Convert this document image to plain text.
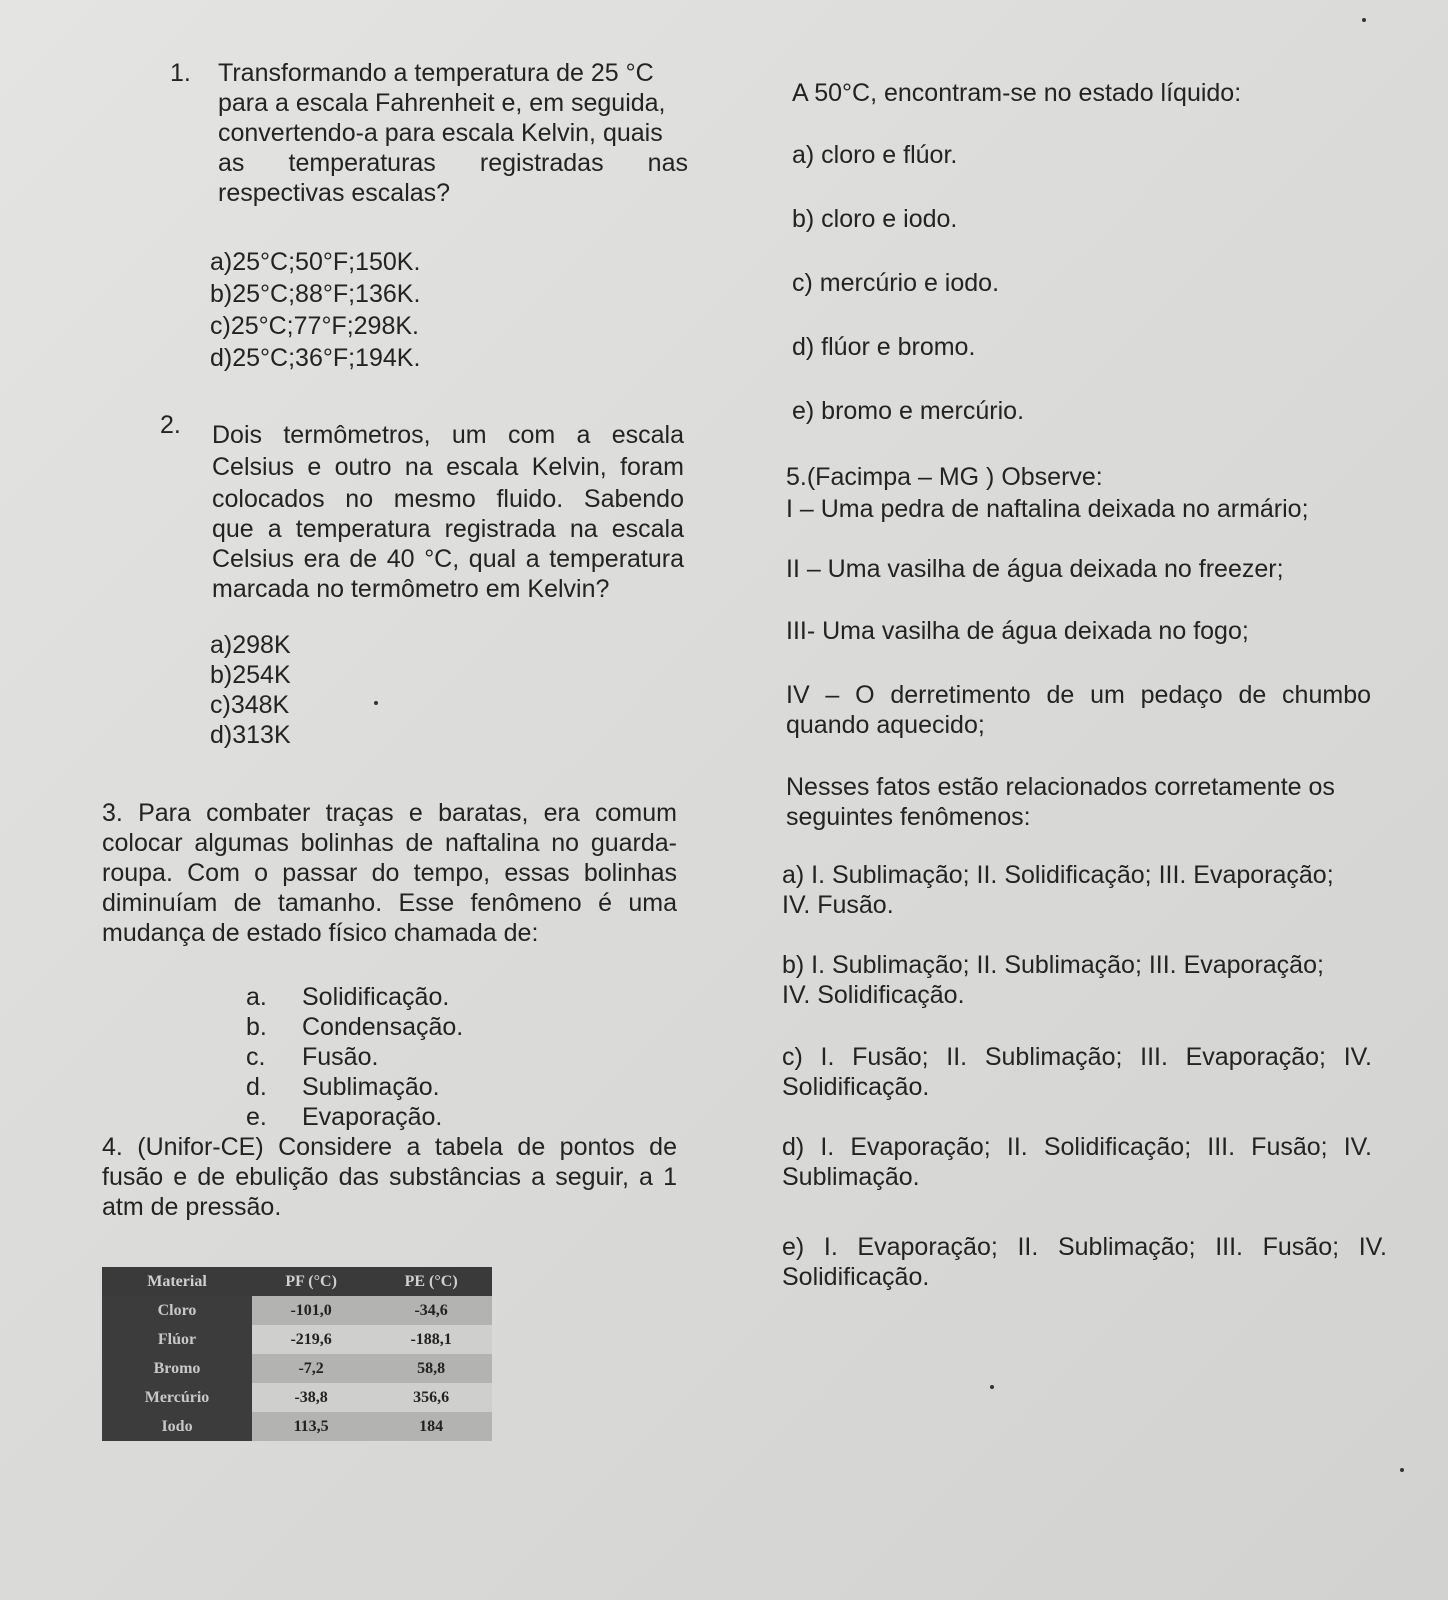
1. Transformando a temperatura de 25 °C
para a escala Fahrenheit e, em seguida,
convertendo-a para escala Kelvin, quais
as temperaturas registradas nas
respectivas escalas?
a)25°C;50°F;150K.
b)25°C;88°F;136K.
c)25°C;77°F;298K.
d)25°C;36°F;194K.
2. Dois termômetros, um com a escala
Celsius e outro na escala Kelvin, foram
colocados no mesmo fluido. Sabendo
que a temperatura registrada na escala
Celsius era de 40 °C, qual a temperatura
marcada no termômetro em Kelvin?
a)298K
b)254K
c)348K
d)313K
3. Para combater traças e baratas, era comum
colocar algumas bolinhas de naftalina no guarda-
roupa. Com o passar do tempo, essas bolinhas
diminuíam de tamanho. Esse fenômeno é uma
mudança de estado físico chamada de:
a. Solidificação.
b. Condensação.
c. Fusão.
d. Sublimação.
e. Evaporação.
4. (Unifor-CE) Considere a tabela de pontos de
fusão e de ebulição das substâncias a seguir, a 1
atm de pressão.
Material	PF (°C)	PE (°C)
Cloro	-101,0	-34,6
Flúor	-219,6	-188,1
Bromo	-7,2	58,8
Mercúrio	-38,8	356,6
Iodo	113,5	184
A 50°C, encontram-se no estado líquido:
a) cloro e flúor.
b) cloro e iodo.
c) mercúrio e iodo.
d) flúor e bromo.
e) bromo e mercúrio.
5.(Facimpa – MG ) Observe:
I – Uma pedra de naftalina deixada no armário;
II – Uma vasilha de água deixada no freezer;
III- Uma vasilha de água deixada no fogo;
IV – O derretimento de um pedaço de chumbo
quando aquecido;
Nesses fatos estão relacionados corretamente os
seguintes fenômenos:
a) I. Sublimação; II. Solidificação; III. Evaporação;
IV. Fusão.
b) I. Sublimação; II. Sublimação; III. Evaporação;
IV. Solidificação.
c) I. Fusão; II. Sublimação; III. Evaporação; IV.
Solidificação.
d) I. Evaporação; II. Solidificação; III. Fusão; IV.
Sublimação.
e) I. Evaporação; II. Sublimação; III. Fusão; IV.
Solidificação.
